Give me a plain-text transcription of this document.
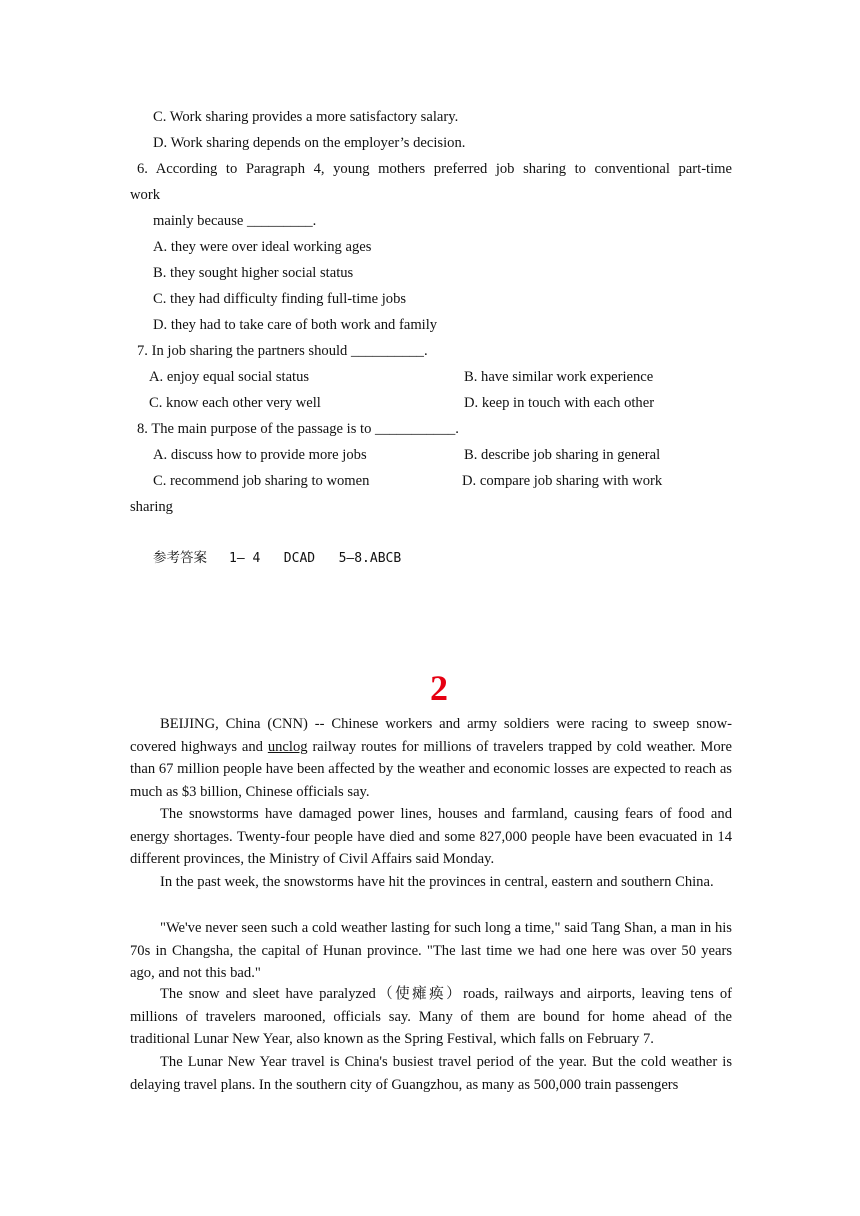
C. Work sharing provides a more satisfactory salary.

D. Work sharing depends on the employer’s decision.

6. According to Paragraph 4, young mothers preferred job sharing to conventional part-time

work

mainly because _________.

A. they were over ideal working ages

B. they sought higher social status

C. they had difficulty finding full-time jobs

D. they had to take care of both work and family

7. In job sharing the partners should __________.

A. enjoy equal social status	B. have similar work experience

C. know each other very well	D. keep in touch with each other

8. The main purpose of the passage is to ___________.

A. discuss how to provide more jobs	B. describe job sharing in general

C. recommend job sharing to women	D. compare job sharing with work

sharing

参考答案 1— 4   DCAD   5—8.ABCB

2

BEIJING, China (CNN) -- Chinese workers and army soldiers were racing to sweep snow-covered highways and unclog railway routes for millions of travelers trapped by cold weather. More than 67 million people have been affected by the weather and economic losses are expected to reach as much as $3 billion, Chinese officials say.

The snowstorms have damaged power lines, houses and farmland, causing fears of food and energy shortages. Twenty-four people have died and some 827,000 people have been evacuated in 14 different provinces, the Ministry of Civil Affairs said Monday.

In the past week, the snowstorms have hit the provinces in central, eastern and southern China.

"We've never seen such a cold weather lasting for such long a time," said Tang Shan, a man in his 70s in Changsha, the capital of Hunan province. "The last time we had one here was over 50 years ago, and not this bad."

The snow and sleet have paralyzed（使瘫痪）roads, railways and airports, leaving tens of millions of travelers marooned, officials say. Many of them are bound for home ahead of the traditional Lunar New Year, also known as the Spring Festival, which falls on February 7.

The Lunar New Year travel is China's busiest travel period of the year. But the cold weather is delaying travel plans. In the southern city of Guangzhou, as many as 500,000 train passengers
